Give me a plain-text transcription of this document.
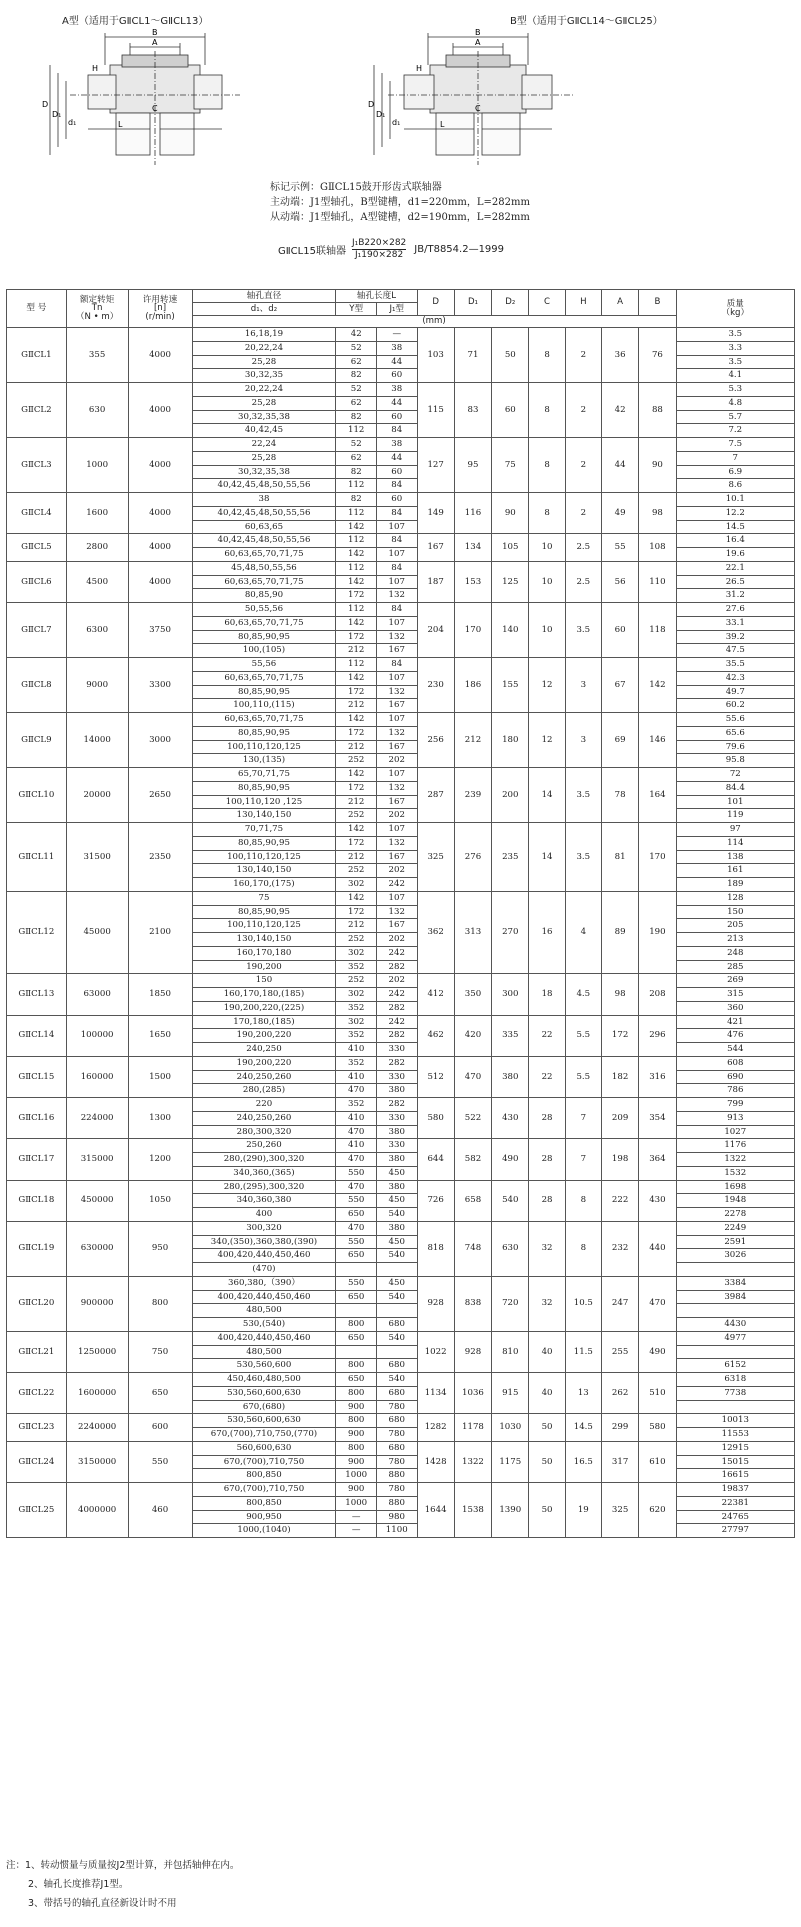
A型（适用于GⅡCL1～GⅡCL13）	B型（适用于GⅡCL14～GⅡCL25）
B
A
H
C
L
D
D₁
d₁
B
A
H
C
L
D
D₁
d₁
标记示例：GⅡCL15鼓开形齿式联轴器
主动端：J1型轴孔，B型键槽，d1=220mm，L=282mm
从动端：J1型轴孔，A型键槽，d2=190mm，L=282mm
GⅡCL15联轴器 $\frac{\text{J₁B220×282}}{\text{J₁190×282}}$ JB/T8854.2—1999
型 号	额定转矩
Tn
（N • m）	许用转速
[n]
(r/min)	轴孔直径	轴孔长度L		D	D₁	D₂	C	H	A	B	质量
（kg）
			d₁、d₂	Y型	J₁型								
			(mm)										
GⅡCL1	355	4000	16,18,19	42	—	103	71	50	8	2	36	76	3.5
			20,22,24	52	38								3.3
			25,28	62	44								3.5
			30,32,35	82	60								4.1
GⅡCL2	630	4000	20,22,24	52	38	115	83	60	8	2	42	88	5.3
			25,28	62	44								4.8
			30,32,35,38	82	60								5.7
			40,42,45	112	84								7.2
GⅡCL3	1000	4000	22,24	52	38	127	95	75	8	2	44	90	7.5
			25,28	62	44								7
			30,32,35,38	82	60								6.9
			40,42,45,48,50,55,56	112	84								8.6
GⅡCL4	1600	4000	38	82	60	149	116	90	8	2	49	98	10.1
			40,42,45,48,50,55,56	112	84								12.2
			60,63,65	142	107								14.5
GⅡCL5	2800	4000	40,42,45,48,50,55,56	112	84	167	134	105	10	2.5	55	108	16.4
			60,63,65,70,71,75	142	107								19.6
GⅡCL6	4500	4000	45,48,50,55,56	112	84	187	153	125	10	2.5	56	110	22.1
			60,63,65,70,71,75	142	107								26.5
			80,85,90	172	132								31.2
GⅡCL7	6300	3750	50,55,56	112	84	204	170	140	10	3.5	60	118	27.6
			60,63,65,70,71,75	142	107								33.1
			80,85,90,95	172	132								39.2
			100,(105)	212	167								47.5
GⅡCL8	9000	3300	55,56	112	84	230	186	155	12	3	67	142	35.5
			60,63,65,70,71,75	142	107								42.3
			80,85,90,95	172	132								49.7
			100,110,(115)	212	167								60.2
GⅡCL9	14000	3000	60,63,65,70,71,75	142	107	256	212	180	12	3	69	146	55.6
			80,85,90,95	172	132								65.6
			100,110,120,125	212	167								79.6
			130,(135)	252	202								95.8
GⅡCL10	20000	2650	65,70,71,75	142	107	287	239	200	14	3.5	78	164	72
			80,85,90,95	172	132								84.4
			100,110,120 ,125	212	167								101
			130,140,150	252	202								119
GⅡCL11	31500	2350	70,71,75	142	107	325	276	235	14	3.5	81	170	97
			80,85,90,95	172	132								114
			100,110,120,125	212	167								138
			130,140,150	252	202								161
			160,170,(175)	302	242								189
GⅡCL12	45000	2100	75	142	107	362	313	270	16	4	89	190	128
			80,85,90,95	172	132								150
			100,110,120,125	212	167								205
			130,140,150	252	202								213
			160,170,180	302	242								248
			190,200	352	282								285
GⅡCL13	63000	1850	150	252	202	412	350	300	18	4.5	98	208	269
			160,170,180,(185)	302	242								315
			190,200,220,(225)	352	282								360
GⅡCL14	100000	1650	170,180,(185)	302	242	462	420	335	22	5.5	172	296	421
			190,200,220	352	282								476
			240,250	410	330								544
GⅡCL15	160000	1500	190,200,220	352	282	512	470	380	22	5.5	182	316	608
			240,250,260	410	330								690
			280,(285)	470	380								786
GⅡCL16	224000	1300	220	352	282	580	522	430	28	7	209	354	799
			240,250,260	410	330								913
			280,300,320	470	380								1027
GⅡCL17	315000	1200	250,260	410	330	644	582	490	28	7	198	364	1176
			280,(290),300,320	470	380								1322
			340,360,(365)	550	450								1532
GⅡCL18	450000	1050	280,(295),300,320	470	380	726	658	540	28	8	222	430	1698
			340,360,380	550	450								1948
			400	650	540								2278
GⅡCL19	630000	950	300,320	470	380	818	748	630	32	8	232	440	2249
			340,(350),360,380,(390)	550	450								2591
			400,420,440,450,460	650	540								3026
			(470)										
GⅡCL20	900000	800	360,380,（390）	550	450	928	838	720	32	10.5	247	470	3384
			400,420,440,450,460	650	540								3984
			480,500										
			530,(540)	800	680								4430
GⅡCL21	1250000	750	400,420,440,450,460	650	540	1022	928	810	40	11.5	255	490	4977
			480,500										
			530,560,600	800	680								6152
GⅡCL22	1600000	650	450,460,480,500	650	540	1134	1036	915	40	13	262	510	6318
			530,560,600,630	800	680								7738
			670,(680)	900	780								
GⅡCL23	2240000	600	530,560,600,630	800	680	1282	1178	1030	50	14.5	299	580	10013
			670,(700),710,750,(770)	900	780								11553
GⅡCL24	3150000	550	560,600,630	800	680	1428	1322	1175	50	16.5	317	610	12915
			670,(700),710,750	900	780								15015
			800,850	1000	880								16615
GⅡCL25	4000000	460	670,(700),710,750	900	780	1644	1538	1390	50	19	325	620	19837
			800,850	1000	880								22381
			900,950	—	980								24765
			1000,(1040)	—	1100								27797
注：1、转动惯量与质量按J2型计算，并包括轴伸在内。
2、轴孔长度推荐J1型。
3、带括号的轴孔直径新设计时不用
